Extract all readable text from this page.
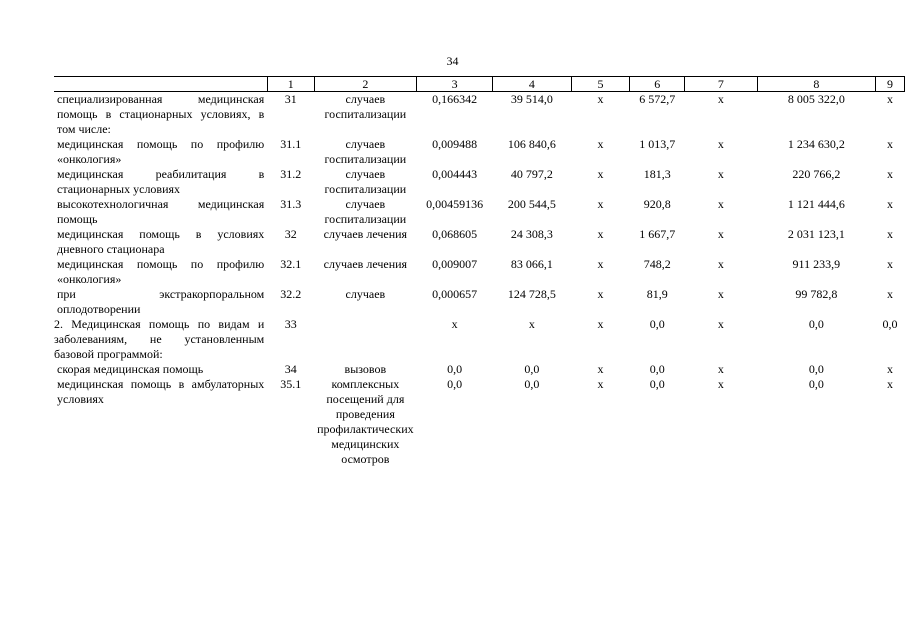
34
	1	2	3	4	5	6	7	8	9
специализированная медицинская помощь в стационарных условиях, в том числе:	31	случаев госпитализации	0,166342	39 514,0	х	6 572,7	х	8 005 322,0	х
медицинская помощь по профилю «онкология»	31.1	случаев госпитализации	0,009488	106 840,6	х	1 013,7	х	1 234 630,2	х
медицинская реабилитация в стационарных условиях	31.2	случаев госпитализации	0,004443	40 797,2	х	181,3	х	220 766,2	х
высокотехнологичная медицинская помощь	31.3	случаев госпитализации	0,00459136	200 544,5	х	920,8	х	1 121 444,6	х
медицинская помощь в условиях дневного стационара	32	случаев лечения	0,068605	24 308,3	х	1 667,7	х	2 031 123,1	х
медицинская помощь по профилю «онкология»	32.1	случаев лечения	0,009007	83 066,1	х	748,2	х	911 233,9	х
при экстракорпоральном оплодотворении	32.2	случаев	0,000657	124 728,5	х	81,9	х	99 782,8	х
2. Медицинская помощь по видам и заболеваниям, не установленным базовой программой:	33		х	х	х	0,0	х	0,0	0,0
скорая медицинская помощь	34	вызовов	0,0	0,0	х	0,0	х	0,0	х
медицинская помощь в амбулаторных условиях	35.1	комплексных посещений для проведения профилактических медицинских осмотров	0,0	0,0	х	0,0	х	0,0	х
